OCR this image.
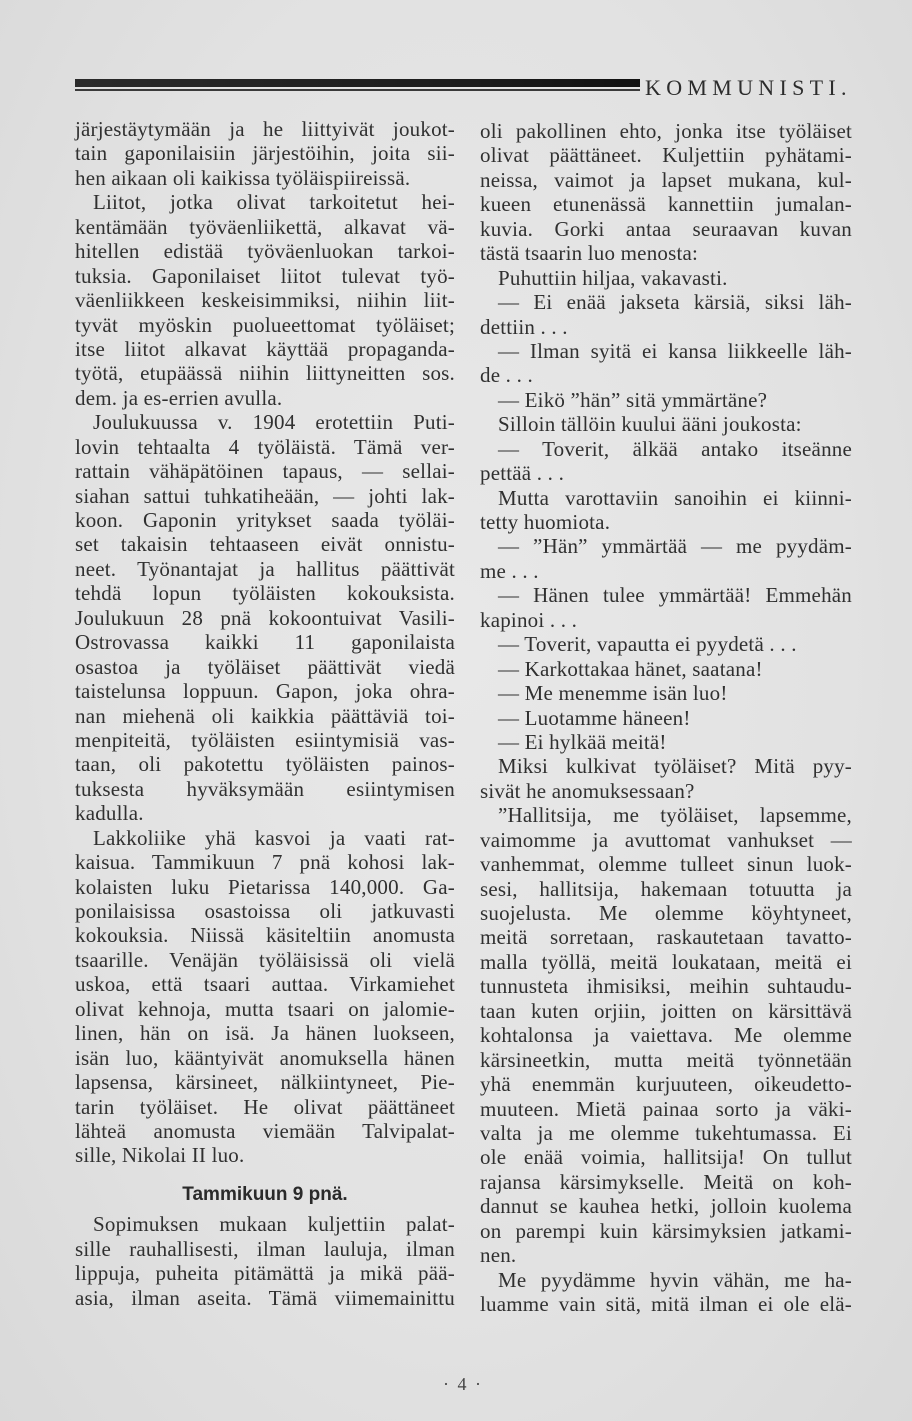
KOMMUNISTI.
järjestäytymään ja he liittyivät joukot-
tain gaponilaisiin järjestöihin, joita sii-
hen aikaan oli kaikissa työläispiireissä.
Liitot, jotka olivat tarkoitetut hei-
kentämään työväenliikettä, alkavat vä-
hitellen edistää työväenluokan tarkoi-
tuksia. Gaponilaiset liitot tulevat työ-
väenliikkeen keskeisimmiksi, niihin liit-
tyvät myöskin puolueettomat työläiset;
itse liitot alkavat käyttää propaganda-
työtä, etupäässä niihin liittyneitten sos.
dem. ja es-errien avulla.
Joulukuussa v. 1904 erotettiin Puti-
lovin tehtaalta 4 työläistä. Tämä ver-
rattain vähäpätöinen tapaus, — sellai-
siahan sattui tuhkatiheään, — johti lak-
koon. Gaponin yritykset saada työläi-
set takaisin tehtaaseen eivät onnistu-
neet. Työnantajat ja hallitus päättivät
tehdä lopun työläisten kokouksista.
Joulukuun 28 pnä kokoontuivat Vasili-
Ostrovassa kaikki 11 gaponilaista
osastoa ja työläiset päättivät viedä
taistelunsa loppuun. Gapon, joka ohra-
nan miehenä oli kaikkia päättäviä toi-
menpiteitä, työläisten esiintymisiä vas-
taan, oli pakotettu työläisten painos-
tuksesta hyväksymään esiintymisen
kadulla.
Lakkoliike yhä kasvoi ja vaati rat-
kaisua. Tammikuun 7 pnä kohosi lak-
kolaisten luku Pietarissa 140,000. Ga-
ponilaisissa osastoissa oli jatkuvasti
kokouksia. Niissä käsiteltiin anomusta
tsaarille. Venäjän työläisissä oli vielä
uskoa, että tsaari auttaa. Virkamiehet
olivat kehnoja, mutta tsaari on jalomie-
linen, hän on isä. Ja hänen luokseen,
isän luo, kääntyivät anomuksella hänen
lapsensa, kärsineet, nälkiintyneet, Pie-
tarin työläiset. He olivat päättäneet
lähteä anomusta viemään Talvipalat-
sille, Nikolai II luo.
Tammikuun 9 pnä.
Sopimuksen mukaan kuljettiin palat-
sille rauhallisesti, ilman lauluja, ilman
lippuja, puheita pitämättä ja mikä pää-
asia, ilman aseita. Tämä viimemainittu
oli pakollinen ehto, jonka itse työläiset
olivat päättäneet. Kuljettiin pyhätami-
neissa, vaimot ja lapset mukana, kul-
kueen etunenässä kannettiin jumalan-
kuvia. Gorki antaa seuraavan kuvan
tästä tsaarin luo menosta:
Puhuttiin hiljaa, vakavasti.
— Ei enää jakseta kärsiä, siksi läh-
dettiin . . .
— Ilman syitä ei kansa liikkeelle läh-
de . . .
— Eikö ”hän” sitä ymmärtäne?
Silloin tällöin kuului ääni joukosta:
— Toverit, älkää antako itseänne
pettää . . .
Mutta varottaviin sanoihin ei kiinni-
tetty huomiota.
— ”Hän” ymmärtää — me pyydäm-
me . . .
— Hänen tulee ymmärtää! Emmehän
kapinoi . . .
— Toverit, vapautta ei pyydetä . . .
— Karkottakaa hänet, saatana!
— Me menemme isän luo!
— Luotamme häneen!
— Ei hylkää meitä!
Miksi kulkivat työläiset? Mitä pyy-
sivät he anomuksessaan?
”Hallitsija, me työläiset, lapsemme,
vaimomme ja avuttomat vanhukset —
vanhemmat, olemme tulleet sinun luok-
sesi, hallitsija, hakemaan totuutta ja
suojelusta. Me olemme köyhtyneet,
meitä sorretaan, raskautetaan tavatto-
malla työllä, meitä loukataan, meitä ei
tunnusteta ihmisiksi, meihin suhtaudu-
taan kuten orjiin, joitten on kärsittävä
kohtalonsa ja vaiettava. Me olemme
kärsineetkin, mutta meitä työnnetään
yhä enemmän kurjuuteen, oikeudetto-
muuteen. Mietä painaa sorto ja väki-
valta ja me olemme tukehtumassa. Ei
ole enää voimia, hallitsija! On tullut
rajansa kärsimykselle. Meitä on koh-
dannut se kauhea hetki, jolloin kuolema
on parempi kuin kärsimyksien jatkami-
nen.
Me pyydämme hyvin vähän, me ha-
luamme vain sitä, mitä ilman ei ole elä-
· 4 ·
